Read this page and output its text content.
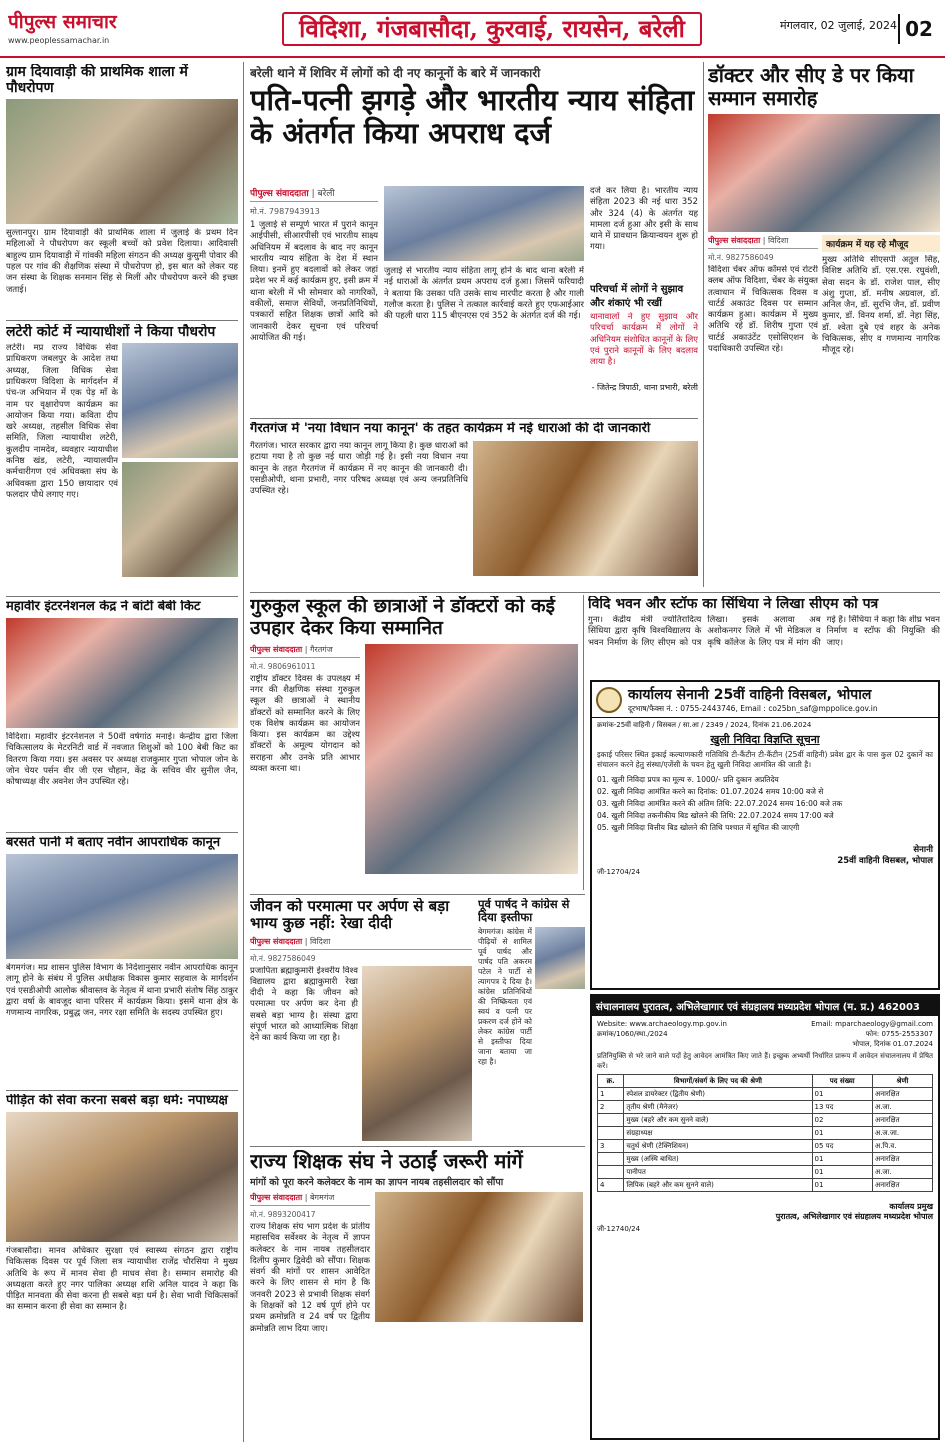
पीपुल्स समाचार
www.peoplessamachar.in	विदिशा, गंजबासौदा, कुरवाई, रायसेन, बरेली	मंगलवार, 02 जुलाई, 2024 02
ग्राम दियावाड़ी की प्राथमिक शाला में पौधरोपण
सुल्तानपुर। ग्राम दियावाड़ी की प्राथमिक शाला में जुलाई के प्रथम दिन महिलाओं ने पौधरोपण कर स्कूली बच्चों को प्रवेश दिलाया। आदिवासी बाहुल्य ग्राम दियावाड़ी में गांवकी महिला संगठन की अध्यक्ष कुसुमी पोवार की पहल पर गांव की शैक्षणिक संस्था में पौधरोपण हो, इस बात को लेकर यह जन संस्था के शिक्षक सनमान सिंह से मिलीं और पौधरोपण करने की इच्छा जताई।
लटेरी कोर्ट में न्यायाधीशों ने किया पौधरोप
लटेरी। मप्र राज्य विधिक सेवा प्राधिकरण जबलपुर के आदेश तथा अध्यक्ष, जिला विधिक सेवा प्राधिकरण विदिशा के मार्गदर्शन में पंच-ज अभियान में एक पेड़ माँ के नाम पर वृक्षारोपण कार्यक्रम का आयोजन किया गया। कविता दीप खरे अध्यक्ष, तहसील विधिक सेवा समिति, जिला न्यायाधीश लटेरी, कुलदीप नामदेव, व्यवहार न्यायाधीश कनिष्ठ खंड, लटेरी, न्यायालयीन कर्मचारीगण एवं अधिवक्ता संघ के अधिवक्ता द्वारा 150 छायादार एवं फलदार पौधे लगाए गए।
महावीर इंटरनेशनल केंद्र ने बांटीं बेबी किट
विदिशा। महावीर इंटरनेशनल ने 50वीं वर्षगांठ मनाई। केन्द्रीय द्वारा जिला चिकित्सालय के मेटरनिटी वार्ड में नवजात शिशुओं को 100 बेबी किट का वितरण किया गया। इस अवसर पर अध्यक्ष राजकुमार गुप्ता भोपाल जोन के जोन चेयर पर्सन वीर जी एस चौहान, केंद्र के सचिव वीर सुनील जैन, कोषाध्यक्ष वीर अवनेश जैन उपस्थित रहे।
बरसते पानी में बताए नवीन आपराधिक कानून
बेगमगंज। मप्र शासन पुलिस विभाग के निर्देशानुसार नवीन आपराधिक कानून लागू होने के संबंध में पुलिस अधीक्षक विकास कुमार सहवाल के मार्गदर्शन एवं एसडीओपी आलोक श्रीवास्तव के नेतृत्व में थाना प्रभारी संतोष सिंह ठाकुर द्वारा वर्षा के बावजूद थाना परिसर में कार्यक्रम किया। इसमें थाना क्षेत्र के गणमान्य नागरिक, प्रबुद्ध जन, नगर रक्षा समिति के सदस्य उपस्थित हुए।
पीड़ित की सेवा करना सबसे बड़ा धर्म: नपाध्यक्ष
गंजबासौदा। मानव अधिकार सुरक्षा एवं स्वास्थ्य संगठन द्वारा राष्ट्रीय चिकित्सक दिवस पर पूर्व जिला सत्र न्यायाधीश राजेंद्र चौरसिया ने मुख्य अतिथि के रूप में मानव सेवा ही माधव सेवा है। सम्मान समारोह की अध्यक्षता करते हुए नगर पालिका अध्यक्ष शशि अनिल यादव ने कहा कि पीड़ित मानवता की सेवा करना ही सबसे बड़ा धर्म है। सेवा भावी चिकित्सकों का सम्मान करना ही सेवा का सम्मान है।
बरेली थाने में शिविर में लोगों को दी नए कानूनों के बारे में जानकारी
पति-पत्नी झगड़े और भारतीय न्याय संहिता के अंतर्गत किया अपराध दर्ज
पीपुल्स संवाददाता | बरेली
मो.नं. 7987943913
1 जुलाई से सम्पूर्ण भारत में पुराने कानून आईपीसी, सीआरपीसी एवं भारतीय साक्ष्य अधिनियम में बदलाव के बाद नए कानून भारतीय न्याय संहिता के देश में स्थान लिया। इनमें हुए बदलावों को लेकर जहां प्रदेश भर में कई कार्यक्रम हुए, इसी क्रम में थाना बरेली में भी सोमवार को नागरिकों, वकीलों, समाज सेवियों, जनप्रतिनिधियों, पत्रकारों सहित शिक्षक छात्रों आदि को जानकारी देकर सूचना एवं परिचर्चा आयोजित की गई।
जुलाई से भारतीय न्याय संहिता लागू होने के बाद थाना बरेली में नई धाराओं के अंतर्गत प्रथम अपराध दर्ज हुआ। जिसमें फरियादी ने बताया कि उसका पति उसके साथ मारपीट करता है और गाली गलौज करता है। पुलिस ने तत्काल कार्रवाई करते हुए एफआईआर की पहली धारा 115 बीएनएस एवं 352 के अंतर्गत दर्ज की गई।
दर्ज कर लिया है। भारतीय न्याय संहिता 2023 की नई धारा 352 और 324 (4) के अंतर्गत यह मामला दर्ज हुआ और इसी के साथ थाने में प्रावधान क्रियान्वयन शुरू हो गया।
परिचर्चा में लोगों ने सुझाव और शंकाएं भी रखीं
थानावालों ने हुए सुझाव और परिचर्चा कार्यक्रम में लोगों ने अधिनियम संशोधित कानूनों के लिए एवं पुराने कानूनों के लिए बदलाव लाया है।
- जितेन्द्र त्रिपाठी, थाना प्रभारी, बरेली
गैरतगंज में 'नया विधान नया कानून' के तहत कार्यक्रम में नई धाराओं की दी जानकारी
गैरतगंज। भारत सरकार द्वारा नया कानून लागू किया है। कुछ धाराओं को हटाया गया है तो कुछ नई धारा जोड़ी गई है। इसी नया विधान नया कानून के तहत गैरतगंज में कार्यक्रम में नए कानून की जानकारी दी। एसडीओपी, थाना प्रभारी, नगर परिषद अध्यक्ष एवं अन्य जनप्रतिनिधि उपस्थित रहे।
डॉक्टर और सीए डे पर किया सम्मान समारोह
पीपुल्स संवाददाता | विदिशा
मो.नं. 9827586049
विदिशा चेंबर ऑफ कॉमर्स एवं रोटरी क्लब ऑफ विदिशा, चेंबर के संयुक्त तत्वाधान में चिकित्सक दिवस व चार्टर्ड अकाउंट दिवस पर सम्मान कार्यक्रम हुआ। कार्यक्रम में मुख्य अतिथि रहे डॉ. शिरीष गुप्ता एवं चार्टर्ड अकाउंटेंट एसोसिएशन के पदाधिकारी उपस्थित रहे।
कार्यक्रम में यह रहे मौजूद
मुख्य अतिथि सीएसपी अतुल सिंह, विशिष्ट अतिथि डॉ. एस.एस. रघुवंशी, सेवा सदन के डॉ. राजेश पाल, सीए अंशु गुप्ता, डॉ. मनीष अग्रवाल, डॉ. अनिल जैन, डॉ. सुरभि जैन, डॉ. प्रवीण कुमार, डॉ. विनय शर्मा, डॉ. नेहा सिंह, डॉ. श्वेता दुबे एवं शहर के अनेक चिकित्सक, सीए व गणमान्य नागरिक मौजूद रहे।
गुरुकुल स्कूल की छात्राओं ने डॉक्टरों को कई उपहार देकर किया सम्मानित
पीपुल्स संवाददाता | गैरतगंज
मो.नं. 9806961011
राष्ट्रीय डॉक्टर दिवस के उपलक्ष्य में नगर की शैक्षणिक संस्था गुरुकुल स्कूल की छात्राओं ने स्थानीय डॉक्टरों को सम्मानित करने के लिए एक विशेष कार्यक्रम का आयोजन किया। इस कार्यक्रम का उद्देश्य डॉक्टरों के अमूल्य योगदान को सराहना और उनके प्रति आभार व्यक्त करना था।
विदि भवन और स्टॉफ का सिंधिया ने लिखा सीएम को पत्र
गुना। केंद्रीय मंत्री ज्योतिरादित्य सिंधिया द्वारा कृषि विश्वविद्यालय के भवन निर्माण के लिए सीएम को पत्र लिखा। इसके अलावा अब अशोकनगर जिले में भी मेडिकल व कृषि कॉलेज के लिए पत्र में मांग की गई है। सिंधिया ने कहा कि शीघ्र भवन निर्माण व स्टॉफ की नियुक्ति की जाए।
कार्यालय सेनानी 25वीं वाहिनी विसबल, भोपाल
दूरभाष/फैक्स नं. : 0755-2443746, Email : co25bn_saf@mppolice.gov.in
क्रमांक-25वीं वाहिनी / विसबल / सा.आ / 2349 / 2024, दिनांक 21.06.2024
खुली निविदा विज्ञप्ति सूचना
इकाई परिसर स्थित इकाई कल्याणकारी गतिविधि टी-कैंटीन टी-कैंटीन (25वीं वाहिनी) प्रवेश द्वार के पास कुल 02 दुकानें का संचालन करने हेतु संस्था/एजेंसी के चयन हेतु खुली निविदा आमंत्रित की जाती है।
01. खुली निविदा प्रपत्र का मूल्य रु. 1000/- प्रति दुकान अप्रतिदेय
02. खुली निविदा आमंत्रित करने का दिनांक: 01.07.2024 समय 10:00 बजे से
03. खुली निविदा आमंत्रित करने की अंतिम तिथि: 22.07.2024 समय 16:00 बजे तक
04. खुली निविदा तकनीकीय बिड खोलने की तिथि: 22.07.2024 समय 17:00 बजे
05. खुली निविदा वित्तीय बिड खोलने की तिथि पश्चात में सूचित की जाएगी
सेनानी
25वीं वाहिनी विसबल, भोपाल
जी-12704/24
जीवन को परमात्मा पर अर्पण से बड़ा भाग्य कुछ नहीं: रेखा दीदी
पीपुल्स संवाददाता | विदिशा
मो.नं. 9827586049
प्रजापिता ब्रह्माकुमारी ईश्वरीय विश्व विद्यालय द्वारा ब्रह्माकुमारी रेखा दीदी ने कहा कि जीवन को परमात्मा पर अर्पण कर देना ही सबसे बड़ा भाग्य है। संस्था द्वारा संपूर्ण भारत को आध्यात्मिक शिक्षा देने का कार्य किया जा रहा है।
पूर्व पार्षद ने कांग्रेस से दिया इस्तीफा
बेगमगंज। कांग्रेस में पीढ़ियों से शामिल पूर्व पार्षद और पार्षद पति अकरम पटेल ने पार्टी से त्यागपत्र दे दिया है। कांग्रेस प्रतिनिधियों की निष्क्रियता एवं स्वयं व पत्नी पर प्रकरण दर्ज होने को लेकर कांग्रेस पार्टी से इस्तीफा दिया जाना बताया जा रहा है।
राज्य शिक्षक संघ ने उठाईं जरूरी मांगें
मांगों को पूरा करने कलेक्टर के नाम का ज्ञापन नायब तहसीलदार को सौंपा
पीपुल्स संवाददाता | बेगमगंज
मो.नं. 9893200417
राज्य शिक्षक संघ भाग प्रदेश के प्रांतीय महासचिव सर्वेश्वर के नेतृत्व में ज्ञापन कलेक्टर के नाम नायब तहसीलदार दिलीप कुमार द्विवेदी को सौंपा। शिक्षक संवर्ग की मांगों पर शासन आवेदित करने के लिए शासन से मांग है कि जनवरी 2023 से प्रभावी शिक्षक संवर्ग के शिक्षकों को 12 वर्ष पूर्ण होने पर प्रथम क्रमोन्नति व 24 वर्ष पर द्वितीय क्रमोन्नति लाभ दिया जाए।
संचालनालय पुरातत्व, अभिलेखागार एवं संग्रहालय मध्यप्रदेश भोपाल (म. प्र.) 462003
Website: www.archaeology.mp.gov.in	Email: mparchaeology@gmail.com
क्रमांक/1060/स्था./2024	फोन: 0755-2553307
भोपाल, दिनांक 01.07.2024
प्रतिनियुक्ति से भरे जाने वाले पदों हेतु आवेदन आमंत्रित किए जाते हैं। इच्छुक अभ्यर्थी निर्धारित प्रारूप में आवेदन संचालनालय में प्रेषित करें।
क्र.	विभागों/संवर्ग के लिए पद की श्रेणी	पद संख्या	श्रेणी
1	स्पेशल डायरेक्टर (द्वितीय श्रेणी)	01	अनारक्षित
2	तृतीय श्रेणी (मैनेजर)	13 पद	अ.जा.
	मुख्य (बहरे और कम सुनने वाले)	02	अनारक्षित
	संग्रहाध्यक्ष	01	अ.ज.जा.
3	चतुर्थ श्रेणी (टेक्निशियन)	05 पद	अ.पि.व.
	मुख्य (अस्थि बाधित)	01	अनारक्षित
	पानीपत	01	अ.जा.
4	लिपिक (बहरे और कम सुनने वाले)	01	अनारक्षित
कार्यालय प्रमुख
पुरातत्व, अभिलेखागार एवं संग्रहालय मध्यप्रदेश भोपाल
जी-12740/24
